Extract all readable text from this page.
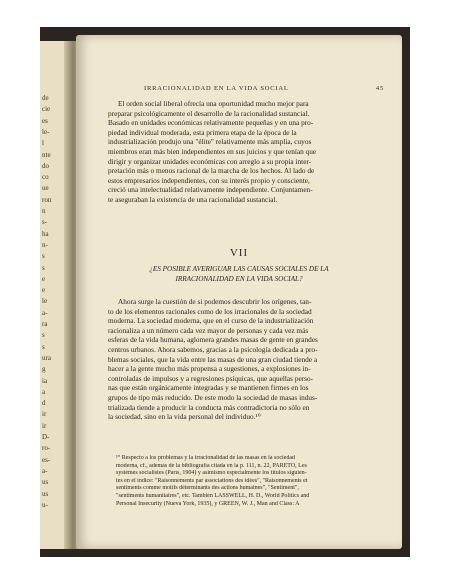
de
cie
es
le-
l
nte
do
co
ue
ron
n
s-
ha
n-
s
s
e
e
le
a-
ra
s
s
ura
g
ia
a
d
ir
ir
D-
ro-
es-
a-
us
us
u-
IRRACIONALIDAD EN LA VIDA SOCIAL	45
El orden social liberal ofrecía una oportunidad mucho mejor para
preparar psicológicamente el desarrollo de la racionalidad sustancial.
Basado en unidades económicas relativamente pequeñas y en una pro-
piedad individual moderada, esta primera etapa de la época de la
industrialización produjo una "élite" relativamente más amplia, cuyos
miembros eran más bien independientes en sus juicios y que tenían que
dirigir y organizar unidades económicas con arreglo a su propia inter-
pretación más o menos racional de la marcha de los hechos. Al lado de
estos empresarios independientes, con su interés propio y consciente,
creció una intelectualidad relativamente independiente. Conjuntamen-
te aseguraban la existencia de una racionalidad sustancial.
VII
¿ES POSIBLE AVERIGUAR LAS CAUSAS SOCIALES DE LA
IRRACIONALIDAD EN LA VIDA SOCIAL?
Ahora surge la cuestión de si podemos descubrir los orígenes, tan-
to de los elementos racionales como de los irracionales de la sociedad
moderna. La sociedad moderna, que en el curso de la industrialización
racionaliza a un número cada vez mayor de personas y cada vez más
esferas de la vida humana, aglomera grandes masas de gente en grandes
centros urbanos. Ahora sabemos, gracias a la psicología dedicada a pro-
blemas sociales, que la vida entre las masas de una gran ciudad tiende a
hacer a la gente mucho más propensa a sugestiones, a explosiones in-
controladas de impulsos y a regresiones psíquicas, que aquellas perso-
nas que están orgánicamente integradas y se mantienen firmes en los
grupos de tipo más reducido. De este modo la sociedad de masas indus-
trializada tiende a producir la conducta más contradictoria no sólo en
la sociedad, sino en la vida personal del individuo.¹⁰
¹⁰ Respecto a los problemas y la irracionalidad de las masas en la sociedad
moderna, cf., además de la bibliografía citada en la p. 111, n. 22, PARETO, Les
systèmes socialistes (París, 1904) y asimismo especialmente los títulos siguien-
tes en el índice: "Raisonnements par associations des idées", "Raisonnements et
sentiments comme motifs déterminants des actions humaines", "Sentiment",
"sentiments humanitaires", etc. También LASSWELL, H. D., World Politics and
Personal Insecurity (Nueva York, 1935), y GREEN, W. J., Man and Class: A
